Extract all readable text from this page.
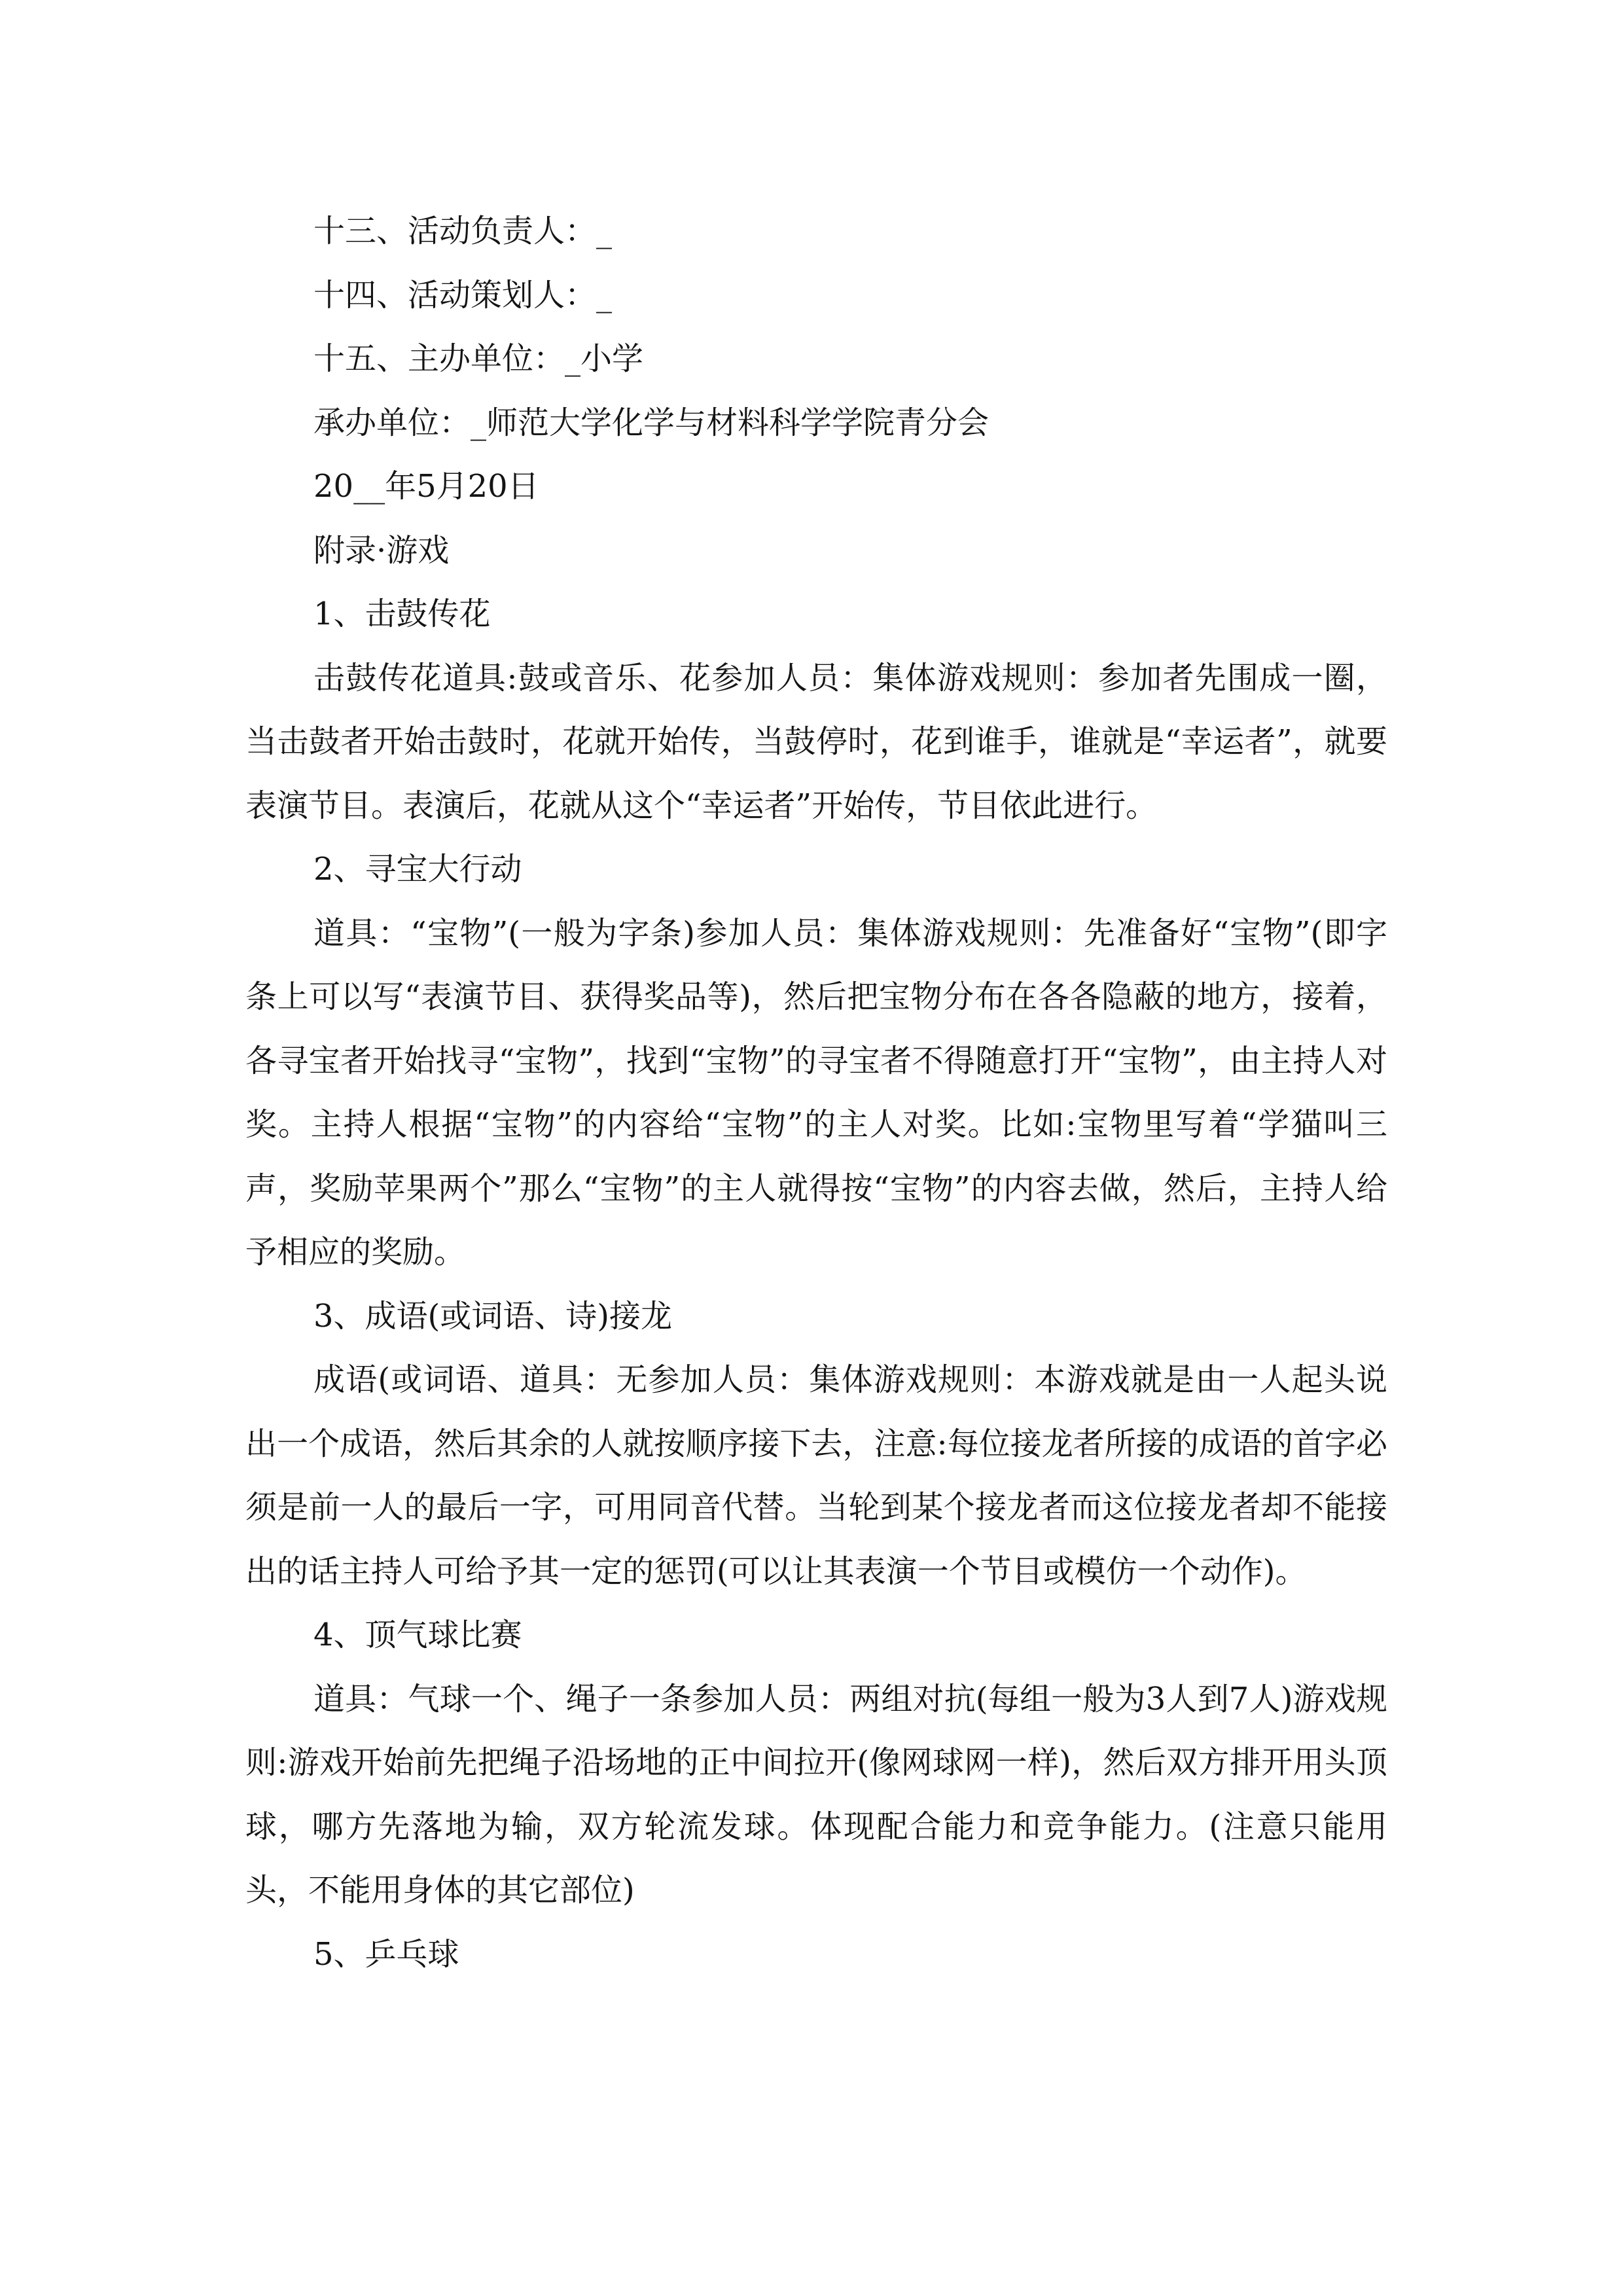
十三、活动负责人：_
十四、活动策划人：_
十五、主办单位：_小学
承办单位：_师范大学化学与材料科学学院青分会
20__年5月20日
附录·游戏
1、击鼓传花
击鼓传花道具:鼓或音乐、花参加人员：集体游戏规则：参加者先围成一圈，当击鼓者开始击鼓时，花就开始传，当鼓停时，花到谁手，谁就是“幸运者”，就要表演节目。表演后，花就从这个“幸运者”开始传，节目依此进行。
2、寻宝大行动
道具：“宝物”(一般为字条)参加人员：集体游戏规则：先准备好“宝物”(即字条上可以写“表演节目、获得奖品等)，然后把宝物分布在各各隐蔽的地方，接着，各寻宝者开始找寻“宝物”，找到“宝物”的寻宝者不得随意打开“宝物”，由主持人对奖。主持人根据“宝物”的内容给“宝物”的主人对奖。比如:宝物里写着“学猫叫三声，奖励苹果两个”那么“宝物”的主人就得按“宝物”的内容去做，然后，主持人给予相应的奖励。
3、成语(或词语、诗)接龙
成语(或词语、道具：无参加人员：集体游戏规则：本游戏就是由一人起头说出一个成语，然后其余的人就按顺序接下去，注意:每位接龙者所接的成语的首字必须是前一人的最后一字，可用同音代替。当轮到某个接龙者而这位接龙者却不能接出的话主持人可给予其一定的惩罚(可以让其表演一个节目或模仿一个动作)。
4、顶气球比赛
道具：气球一个、绳子一条参加人员：两组对抗(每组一般为3人到7人)游戏规则:游戏开始前先把绳子沿场地的正中间拉开(像网球网一样)，然后双方排开用头顶球，哪方先落地为输，双方轮流发球。体现配合能力和竞争能力。(注意只能用头，不能用身体的其它部位)
5、乒乓球
